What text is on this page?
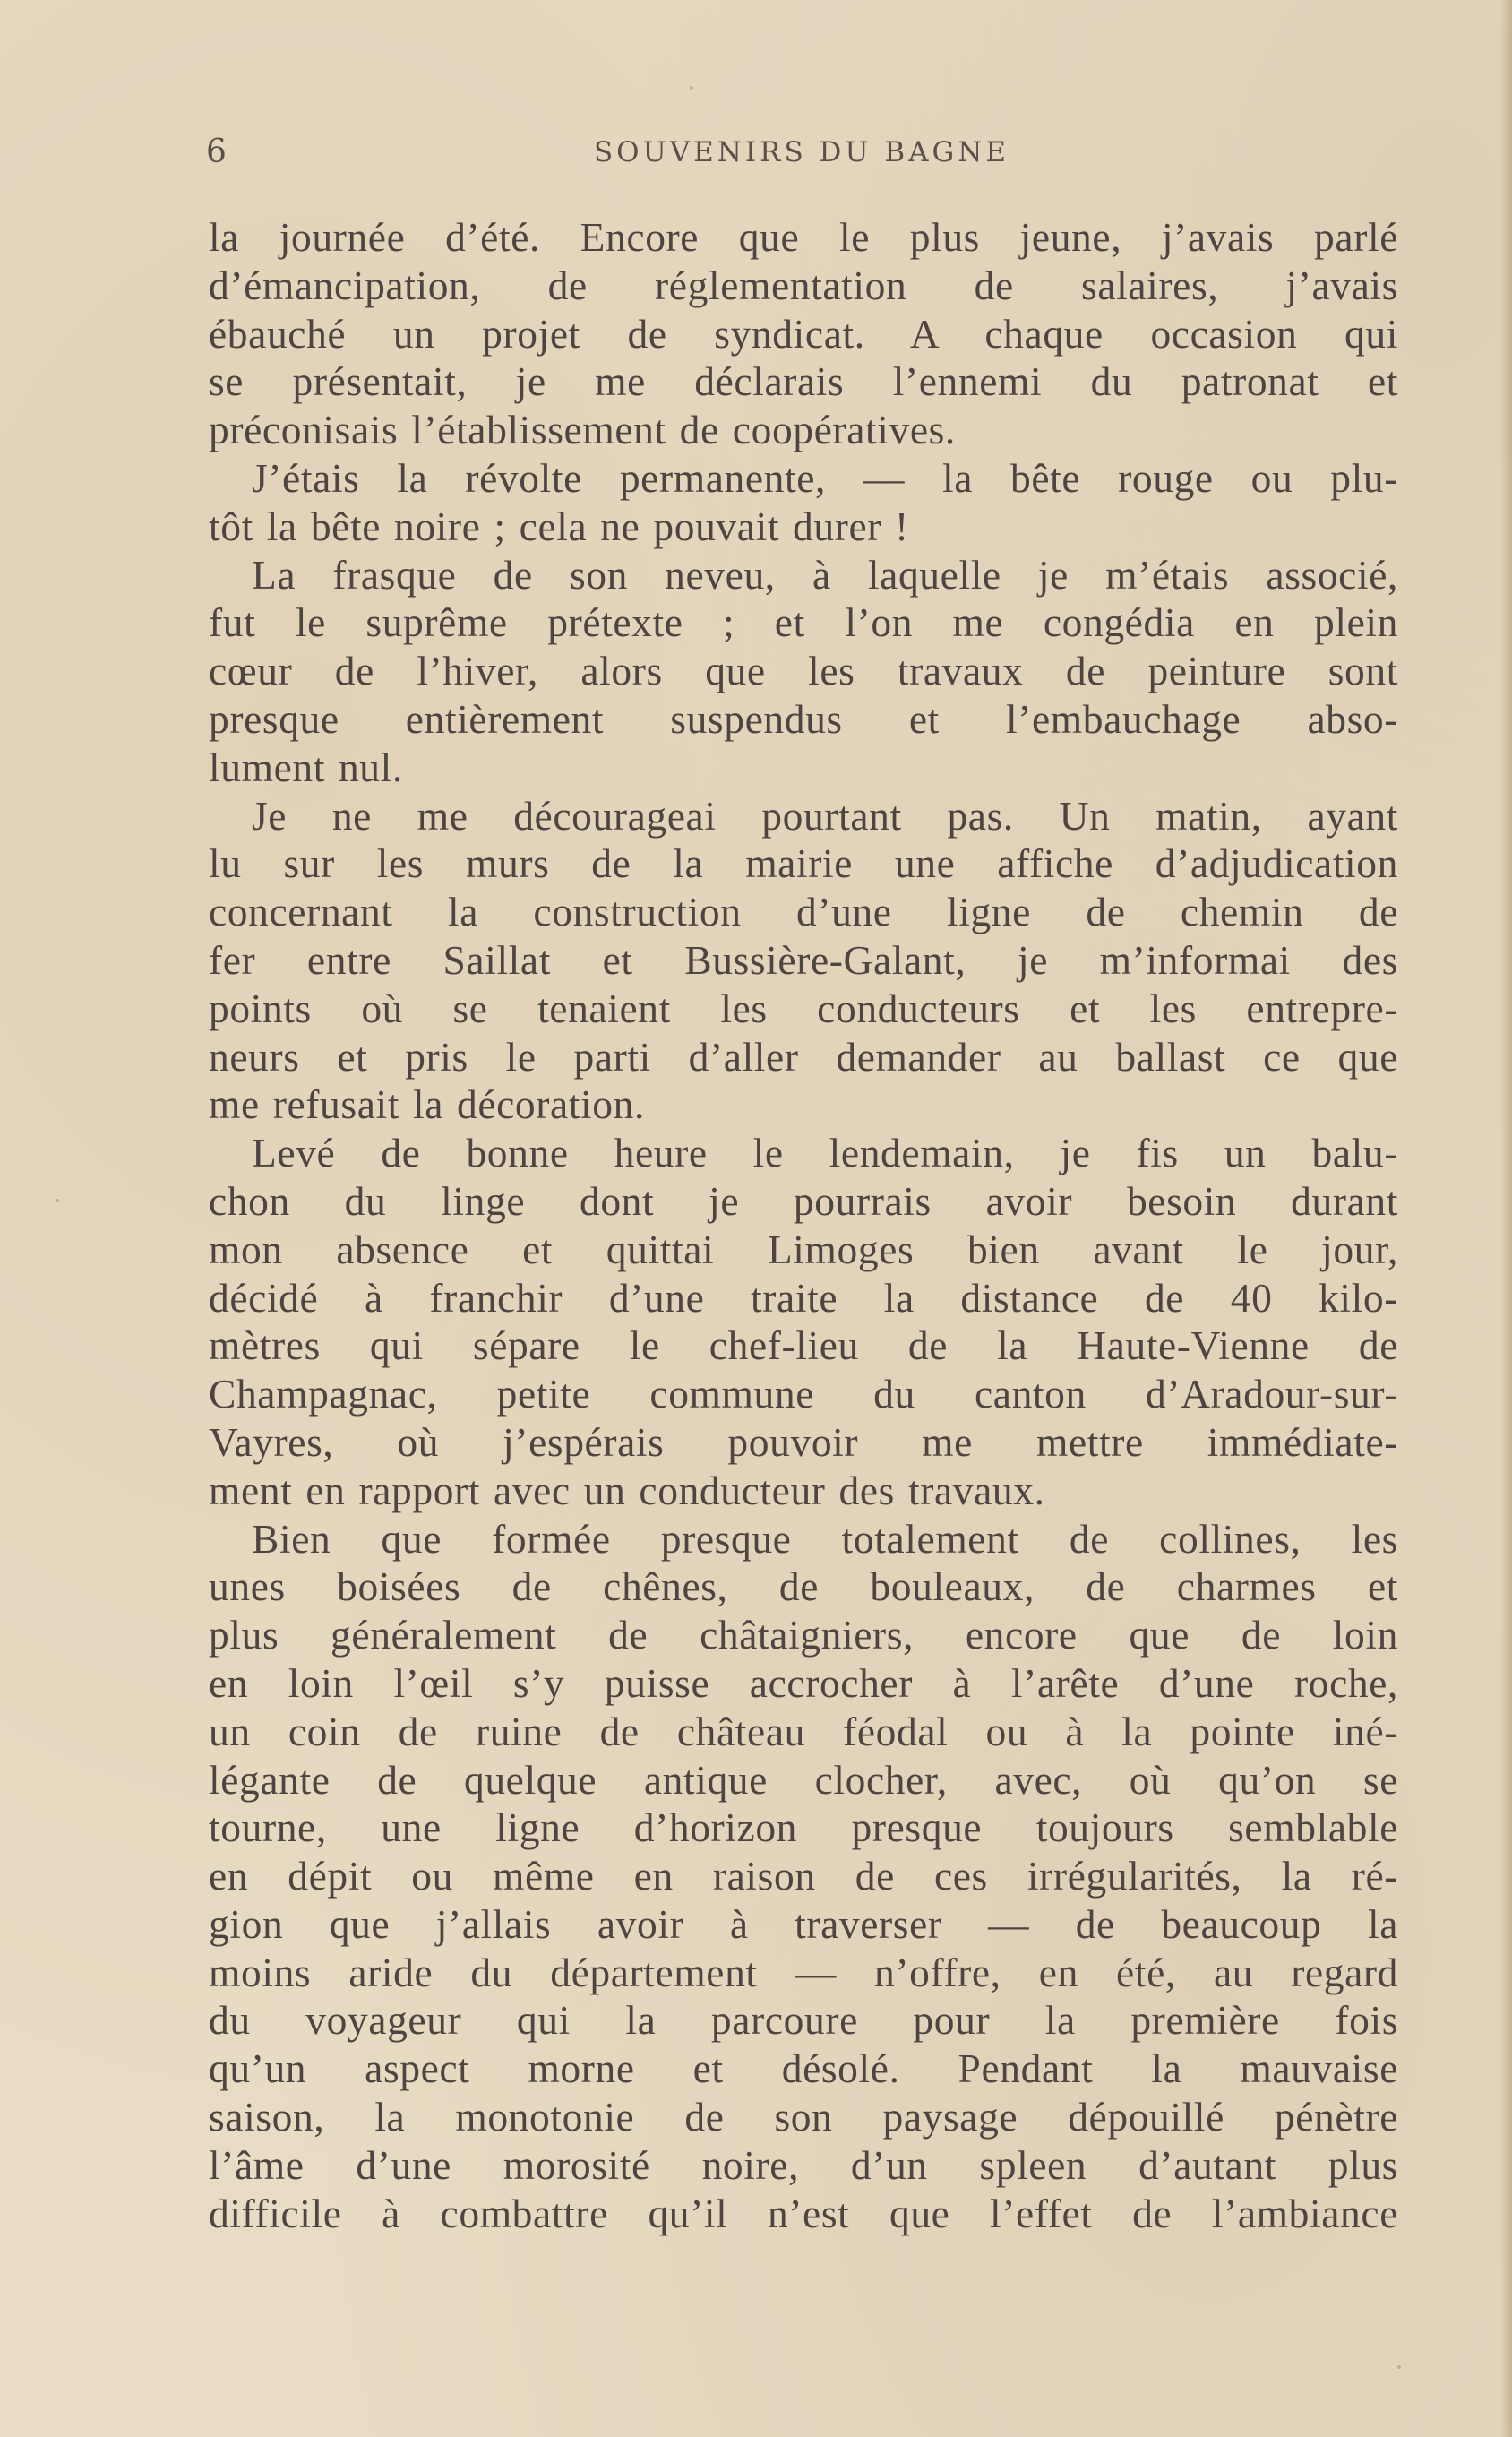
6	SOUVENIRS DU BAGNE
la journée d’été. Encore que le plus jeune, j’avais parlé
d’émancipation, de réglementation de salaires, j’avais
ébauché un projet de syndicat. A chaque occasion qui
se présentait, je me déclarais l’ennemi du patronat et
préconisais l’établissement de coopératives.
J’étais la révolte permanente, — la bête rouge ou plu-
tôt la bête noire ; cela ne pouvait durer !
La frasque de son neveu, à laquelle je m’étais associé,
fut le suprême prétexte ; et l’on me congédia en plein
cœur de l’hiver, alors que les travaux de peinture sont
presque entièrement suspendus et l’embauchage abso-
lument nul.
Je ne me décourageai pourtant pas. Un matin, ayant
lu sur les murs de la mairie une affiche d’adjudication
concernant la construction d’une ligne de chemin de
fer entre Saillat et Bussière-Galant, je m’informai des
points où se tenaient les conducteurs et les entrepre-
neurs et pris le parti d’aller demander au ballast ce que
me refusait la décoration.
Levé de bonne heure le lendemain, je fis un balu-
chon du linge dont je pourrais avoir besoin durant
mon absence et quittai Limoges bien avant le jour,
décidé à franchir d’une traite la distance de 40 kilo-
mètres qui sépare le chef-lieu de la Haute-Vienne de
Champagnac, petite commune du canton d’Aradour-sur-
Vayres, où j’espérais pouvoir me mettre immédiate-
ment en rapport avec un conducteur des travaux.
Bien que formée presque totalement de collines, les
unes boisées de chênes, de bouleaux, de charmes et
plus généralement de châtaigniers, encore que de loin
en loin l’œil s’y puisse accrocher à l’arête d’une roche,
un coin de ruine de château féodal ou à la pointe iné-
légante de quelque antique clocher, avec, où qu’on se
tourne, une ligne d’horizon presque toujours semblable
en dépit ou même en raison de ces irrégularités, la ré-
gion que j’allais avoir à traverser — de beaucoup la
moins aride du département — n’offre, en été, au regard
du voyageur qui la parcoure pour la première fois
qu’un aspect morne et désolé. Pendant la mauvaise
saison, la monotonie de son paysage dépouillé pénètre
l’âme d’une morosité noire, d’un spleen d’autant plus
difficile à combattre qu’il n’est que l’effet de l’ambiance
